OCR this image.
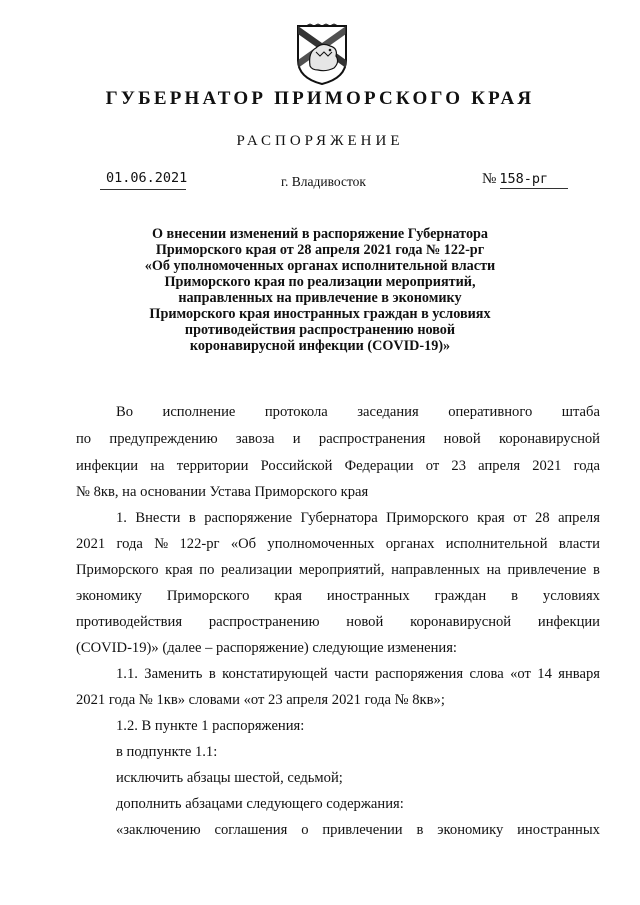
ГУБЕРНАТОР ПРИМОРСКОГО КРАЯ
РАСПОРЯЖЕНИЕ
01.06.2021	г. Владивосток	№ 158-рг
О внесении изменений в распоряжение Губернатора
Приморского края от 28 апреля 2021 года № 122-рг
«Об уполномоченных органах исполнительной власти
Приморского края по реализации мероприятий,
направленных на привлечение в экономику
Приморского края иностранных граждан в условиях
противодействия распространению новой
коронавирусной инфекции (COVID-19)»
Во исполнение протокола заседания оперативного штаба
по предупреждению завоза и распространения новой коронавирусной
инфекции на территории Российской Федерации от 23 апреля 2021 года
№ 8кв, на основании Устава Приморского края
1. Внести в распоряжение Губернатора Приморского края от 28 апреля
2021 года № 122-рг «Об уполномоченных органах исполнительной власти
Приморского края по реализации мероприятий, направленных на привлечение в
экономику Приморского края иностранных граждан в условиях
противодействия распространению новой коронавирусной инфекции
(COVID-19)» (далее – распоряжение) следующие изменения:
1.1. Заменить в констатирующей части распоряжения слова «от 14 января
2021 года № 1кв» словами «от 23 апреля 2021 года № 8кв»;
1.2. В пункте 1 распоряжения:
в подпункте 1.1:
исключить абзацы шестой, седьмой;
дополнить абзацами следующего содержания:
«заключению соглашения о привлечении в экономику иностранных
